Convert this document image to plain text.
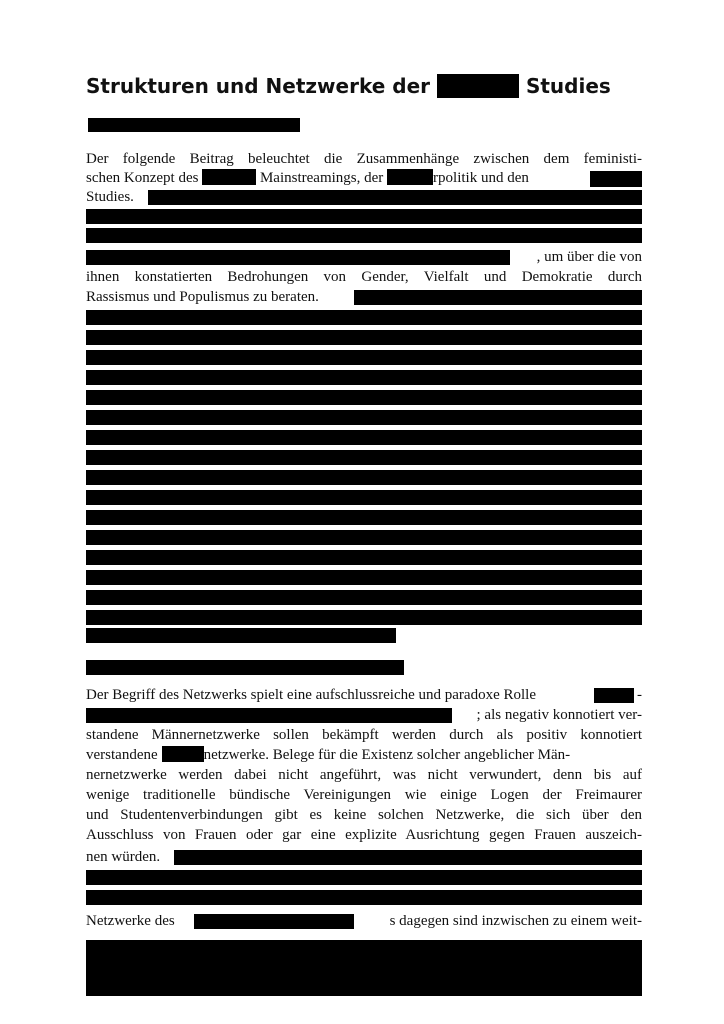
Strukturen und Netzwerke der	Studies
Der folgende Beitrag beleuchtet die Zusammenhänge zwischen dem feministi-
schen Konzept des	Mainstreamings, der	rpolitik und den
Studies.
, um über die von
ihnen konstatierten Bedrohungen von Gender, Vielfalt und Demokratie durch
Rassismus und Populismus zu beraten.
Der Begriff des Netzwerks spielt eine aufschlussreiche und paradoxe Rolle	-
; als negativ konnotiert ver-
standene Männernetzwerke sollen bekämpft werden durch als positiv konnotiert
verstandene	netzwerke. Belege für die Existenz solcher angeblicher Män-
nernetzwerke werden dabei nicht angeführt, was nicht verwundert, denn bis auf
wenige traditionelle bündische Vereinigungen wie einige Logen der Freimaurer
und Studentenverbindungen gibt es keine solchen Netzwerke, die sich über den
Ausschluss von Frauen oder gar eine explizite Ausrichtung gegen Frauen auszeich-
nen würden.
Netzwerke des	s dagegen sind inzwischen zu einem weit-
